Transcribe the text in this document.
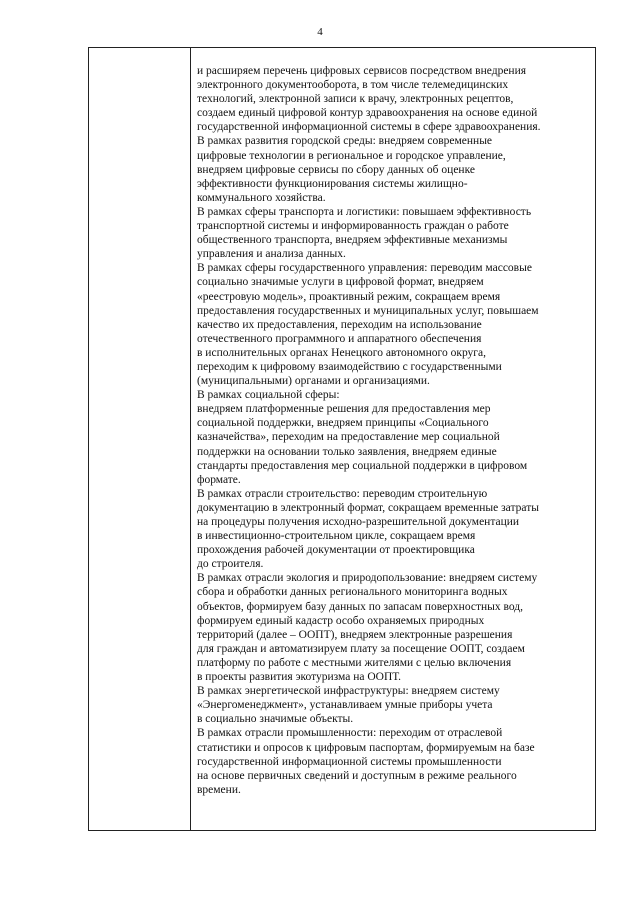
4
и расширяем перечень цифровых сервисов посредством внедрения
электронного документооборота, в том числе телемедицинских
технологий, электронной записи к врачу, электронных рецептов,
создаем единый цифровой контур здравоохранения на основе единой
государственной информационной системы в сфере здравоохранения.
В рамках развития городской среды: внедряем современные
цифровые технологии в региональное и городское управление,
внедряем цифровые сервисы по сбору данных об оценке
эффективности функционирования системы жилищно-
коммунального хозяйства.
В рамках сферы транспорта и логистики: повышаем эффективность
транспортной системы и информированность граждан о работе
общественного транспорта, внедряем эффективные механизмы
управления и анализа данных.
В рамках сферы государственного управления: переводим массовые
социально значимые услуги в цифровой формат, внедряем
«реестровую модель», проактивный режим, сокращаем время
предоставления государственных и муниципальных услуг, повышаем
качество их предоставления, переходим на использование
отечественного программного и аппаратного обеспечения
в исполнительных органах Ненецкого автономного округа,
переходим к цифровому взаимодействию с государственными
(муниципальными) органами и организациями.
В рамках социальной сферы:
внедряем платформенные решения для предоставления мер
социальной поддержки, внедряем принципы «Социального
казначейства», переходим на предоставление мер социальной
поддержки на основании только заявления, внедряем единые
стандарты предоставления мер социальной поддержки в цифровом
формате.
В рамках отрасли строительство: переводим строительную
документацию в электронный формат, сокращаем временные затраты
на процедуры получения исходно-разрешительной документации
в инвестиционно-строительном цикле, сокращаем время
прохождения рабочей документации от проектировщика
до строителя.
В рамках отрасли экология и природопользование: внедряем систему
сбора и обработки данных регионального мониторинга водных
объектов, формируем базу данных по запасам поверхностных вод,
формируем единый кадастр особо охраняемых природных
территорий (далее – ООПТ), внедряем электронные разрешения
для граждан и автоматизируем плату за посещение ООПТ, создаем
платформу по работе с местными жителями с целью включения
в проекты развития экотуризма на ООПТ.
В рамках энергетической инфраструктуры: внедряем систему
«Энергоменеджмент», устанавливаем умные приборы учета
в социально значимые объекты.
В рамках отрасли промышленности: переходим от отраслевой
статистики и опросов к цифровым паспортам, формируемым на базе
государственной информационной системы промышленности
на основе первичных сведений и доступным в режиме реального
времени.
